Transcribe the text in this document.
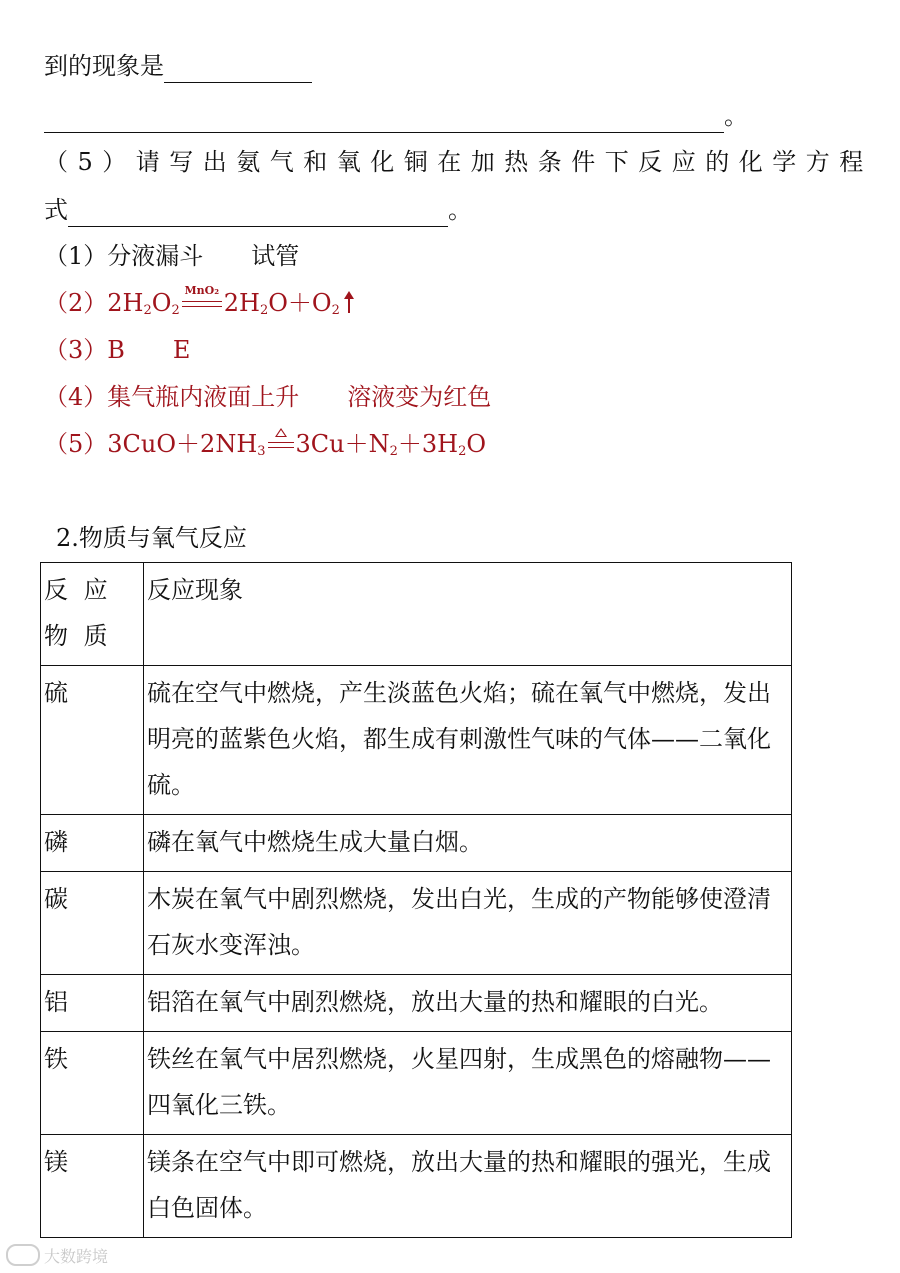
到的现象是
。
（5）请写出氨气和氧化铜在加热条件下反应的化学方程
式	。
（1）分液漏斗　　试管
$(2)2H_2O_2$
MnO₂ $2H_2O+O_2$
（3）B　　E
（4）集气瓶内液面上升　　溶液变为红色
$(5)3CuO+2NH_3$ $3Cu+N_2+3H_2O$
2.物质与氧气反应
反 应 物 质	反应现象
硫	硫在空气中燃烧，产生淡蓝色火焰；硫在氧气中燃烧，发出明亮的蓝紫色火焰，都生成有刺激性气味的气体——二氧化硫。
磷	磷在氧气中燃烧生成大量白烟。
碳	木炭在氧气中剧烈燃烧，发出白光，生成的产物能够使澄清石灰水变浑浊。
铝	铝箔在氧气中剧烈燃烧，放出大量的热和耀眼的白光。
铁	铁丝在氧气中居烈燃烧，火星四射，生成黑色的熔融物——四氧化三铁。
镁	镁条在空气中即可燃烧，放出大量的热和耀眼的强光，生成白色固体。
大数跨境
